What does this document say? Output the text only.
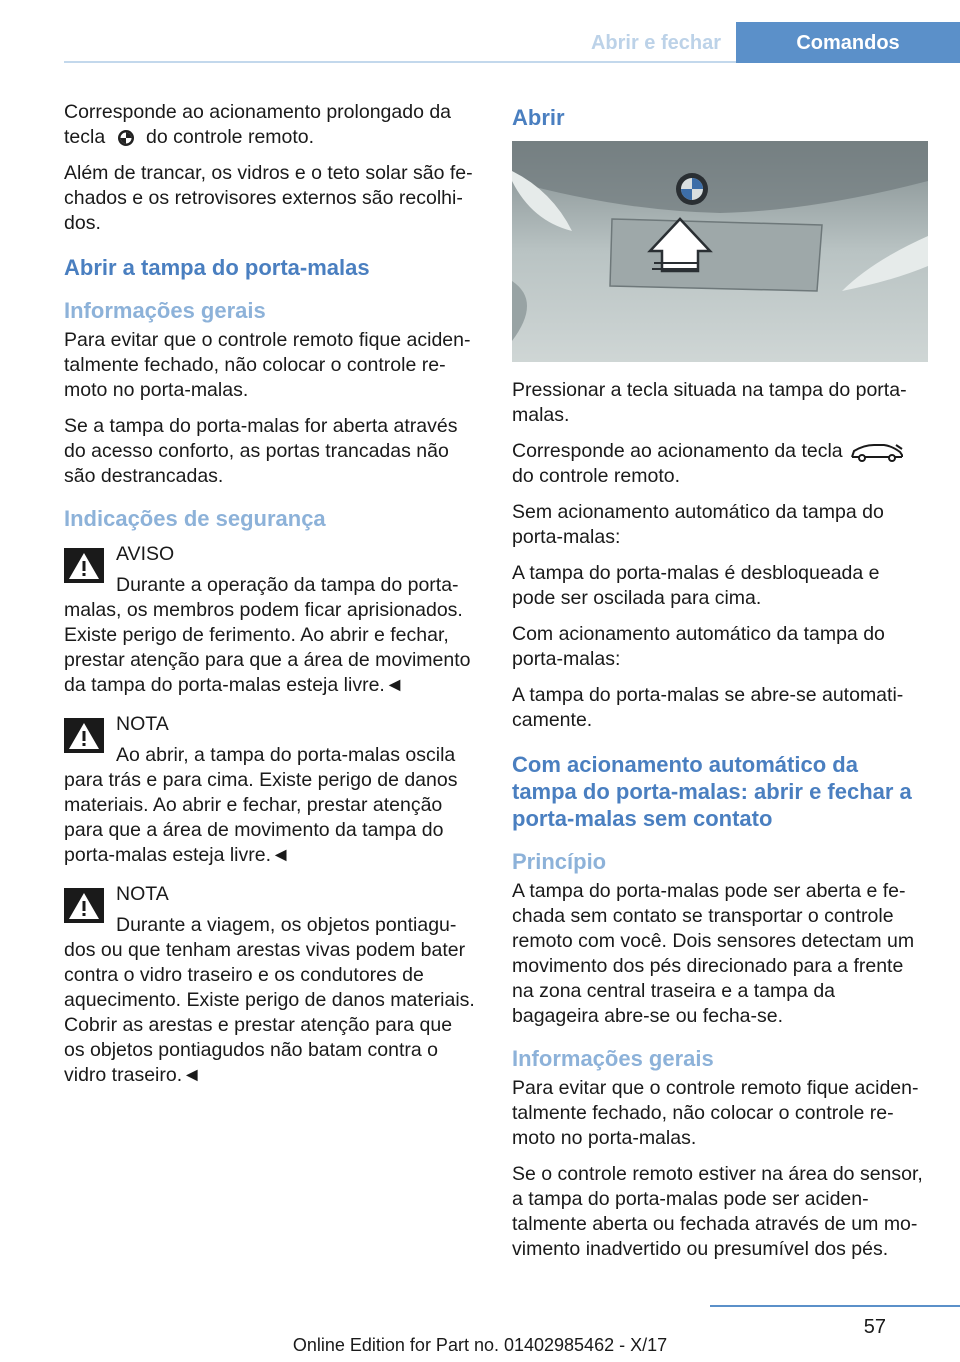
Abrir e fechar	Comandos

Corresponde ao acionamento prolongado da tecla do controle remoto.

Além de trancar, os vidros e o teto solar são fechados e os retrovisores externos são recolhidos.

Abrir a tampa do porta-malas
Informações gerais

Para evitar que o controle remoto fique acidentalmente fechado, não colocar o controle remoto no porta-malas.

Se a tampa do porta-malas for aberta através do acesso conforto, as portas trancadas não são destrancadas.

Indicações de segurança

AVISO

Durante a operação da tampa do porta-malas, os membros podem ficar aprisionados. Existe perigo de ferimento. Ao abrir e fechar, prestar atenção para que a área de movimento da tampa do porta-malas esteja livre.◄

NOTA

Ao abrir, a tampa do porta-malas oscila para trás e para cima. Existe perigo de danos materiais. Ao abrir e fechar, prestar atenção para que a área de movimento da tampa do porta-malas esteja livre.◄

NOTA

Durante a viagem, os objetos pontiagudos ou que tenham arestas vivas podem bater contra o vidro traseiro e os condutores de aquecimento. Existe perigo de danos materiais. Cobrir as arestas e prestar atenção para que os objetos pontiagudos não batam contra o vidro traseiro.◄

Abrir

Pressionar a tecla situada na tampa do porta-malas.

Corresponde ao acionamento da tecla  do controle remoto.

Sem acionamento automático da tampa do porta-malas:

A tampa do porta-malas é desbloqueada e pode ser oscilada para cima.

Com acionamento automático da tampa do porta-malas:

A tampa do porta-malas se abre-se automaticamente.

Com acionamento automático da tampa do porta-malas: abrir e fechar a porta-malas sem contato
Princípio

A tampa do porta-malas pode ser aberta e fechada sem contato se transportar o controle remoto com você. Dois sensores detectam um movimento dos pés direcionado para a frente na zona central traseira e a tampa da bagageira abre-se ou fecha-se.

Informações gerais

Para evitar que o controle remoto fique acidentalmente fechado, não colocar o controle remoto no porta-malas.

Se o controle remoto estiver na área do sensor, a tampa do porta-malas pode ser acidentalmente aberta ou fechada através de um movimento inadvertido ou presumível dos pés.

57
Online Edition for Part no. 01402985462 - X/17
